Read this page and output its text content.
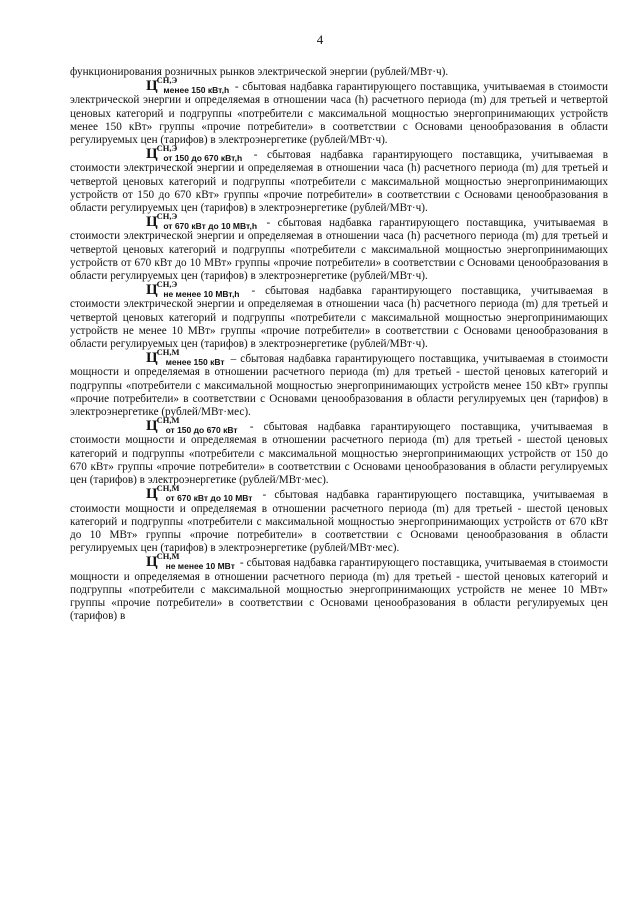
4

функционирования розничных рынков электрической энергии (рублей/МВт·ч).

$Ц^{СН,Э}_{менее 150 кВт,h}$ - сбытовая надбавка гарантирующего поставщика, учитываемая в стоимости электрической энергии и определяемая в отношении часа (h) расчетного периода (m) для третьей и четвертой ценовых категорий и подгруппы «потребители с максимальной мощностью энергопринимающих устройств менее 150 кВт» группы «прочие потребители» в соответствии с Основами ценообразования в области регулируемых цен (тарифов) в электроэнергетике (рублей/МВт·ч).

$Ц^{СН,Э}_{от 150 до 670 кВт,h}$ - сбытовая надбавка гарантирующего поставщика, учитываемая в стоимости электрической энергии и определяемая в отношении часа (h) расчетного периода (m) для третьей и четвертой ценовых категорий и подгруппы «потребители с максимальной мощностью энергопринимающих устройств от 150 до 670 кВт» группы «прочие потребители» в соответствии с Основами ценообразования в области регулируемых цен (тарифов) в электроэнергетике (рублей/МВт·ч).

$Ц^{СН,Э}_{от 670 кВт до 10 МВт,h}$ - сбытовая надбавка гарантирующего поставщика, учитываемая в стоимости электрической энергии и определяемая в отношении часа (h) расчетного периода (m) для третьей и четвертой ценовых категорий и подгруппы «потребители с максимальной мощностью энергопринимающих устройств от 670 кВт до 10 МВт» группы «прочие потребители» в соответствии с Основами ценообразования в области регулируемых цен (тарифов) в электроэнергетике (рублей/МВт·ч).

$Ц^{СН,Э}_{не менее 10 МВт,h}$ - сбытовая надбавка гарантирующего поставщика, учитываемая в стоимости электрической энергии и определяемая в отношении часа (h) расчетного периода (m) для третьей и четвертой ценовых категорий и подгруппы «потребители с максимальной мощностью энергопринимающих устройств не менее 10 МВт» группы «прочие потребители» в соответствии с Основами ценообразования в области регулируемых цен (тарифов) в электроэнергетике (рублей/МВт·ч).

$Ц^{СН,М}_{менее 150 кВт}$ – сбытовая надбавка гарантирующего поставщика, учитываемая в стоимости мощности и определяемая в отношении расчетного периода (m) для третьей - шестой ценовых категорий и подгруппы «потребители с максимальной мощностью энергопринимающих устройств менее 150 кВт» группы «прочие потребители» в соответствии с Основами ценообразования в области регулируемых цен (тарифов) в электроэнергетике (рублей/МВт·мес).

$Ц^{СН,М}_{от 150 до 670 кВт}$ - сбытовая надбавка гарантирующего поставщика, учитываемая в стоимости мощности и определяемая в отношении расчетного периода (m) для третьей - шестой ценовых категорий и подгруппы «потребители с максимальной мощностью энергопринимающих устройств от 150 до 670 кВт» группы «прочие потребители» в соответствии с Основами ценообразования в области регулируемых цен (тарифов) в электроэнергетике (рублей/МВт·мес).

$Ц^{СН,М}_{от 670 кВт до 10 МВт}$ - сбытовая надбавка гарантирующего поставщика, учитываемая в стоимости мощности и определяемая в отношении расчетного периода (m) для третьей - шестой ценовых категорий и подгруппы «потребители с максимальной мощностью энергопринимающих устройств от 670 кВт до 10 МВт» группы «прочие потребители» в соответствии с Основами ценообразования в области регулируемых цен (тарифов) в электроэнергетике (рублей/МВт·мес).

$Ц^{СН,М}_{не менее 10 МВт}$ - сбытовая надбавка гарантирующего поставщика, учитываемая в стоимости мощности и определяемая в отношении расчетного периода (m) для третьей - шестой ценовых категорий и подгруппы «потребители с максимальной мощностью энергопринимающих устройств не менее 10 МВт» группы «прочие потребители» в соответствии с Основами ценообразования в области регулируемых цен (тарифов) в
